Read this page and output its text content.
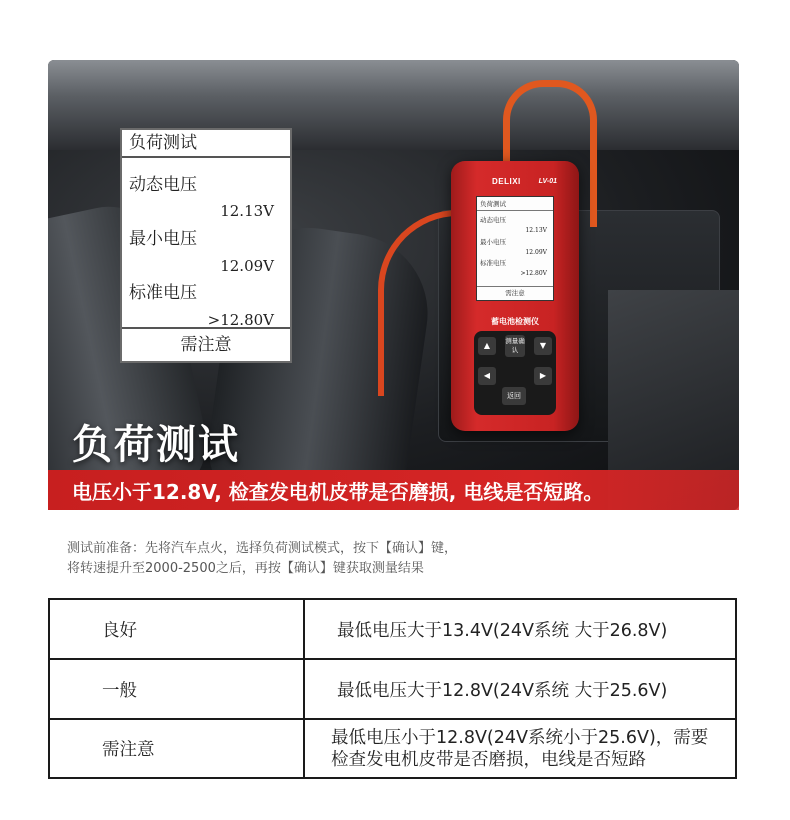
负荷测试
动态电压
12.13V
最小电压
12.09V
标准电压
>12.80V
需注意
DELIXI	LV-01
负荷测试
动态电压
12.13V
最小电压
12.09V
标准电压
>12.80V
需注意
蓄电池检测仪
▲	测量确认	▼
◀	▶
返回
负荷测试
电压小于12.8V, 检查发电机皮带是否磨损, 电线是否短路。
测试前准备：先将汽车点火，选择负荷测试模式，按下【确认】键，
将转速提升至2000-2500之后，再按【确认】键获取测量结果
良好	最低电压大于13.4V(24V系统 大于26.8V)
一般	最低电压大于12.8V(24V系统 大于25.6V)
需注意	最低电压小于12.8V(24V系统小于25.6V)，需要
检查发电机皮带是否磨损，电线是否短路
